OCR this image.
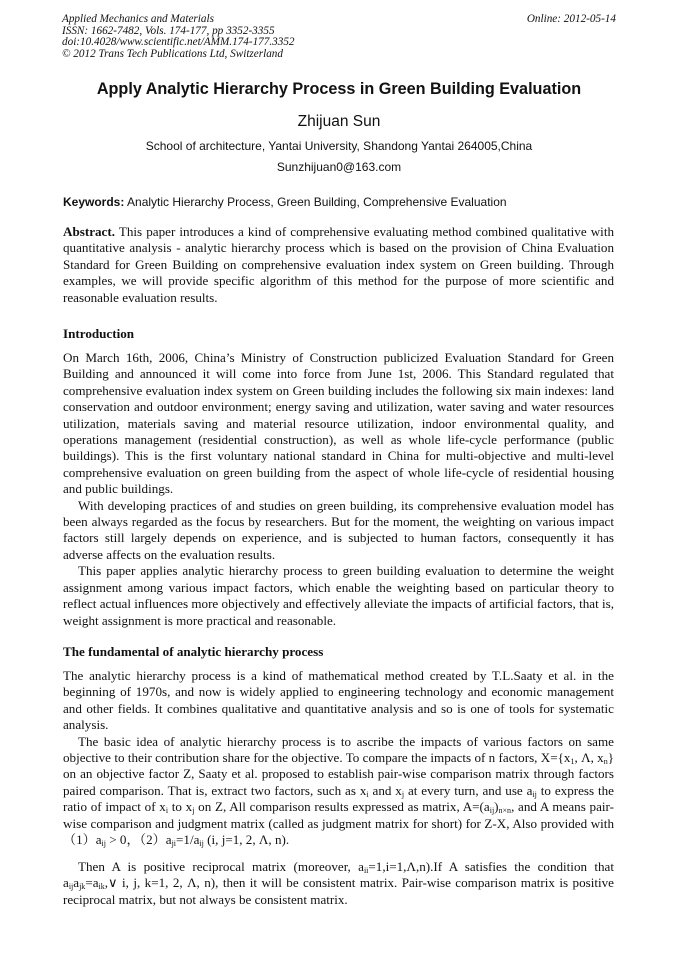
Applied Mechanics and Materials
ISSN: 1662-7482, Vols. 174-177, pp 3352-3355
doi:10.4028/www.scientific.net/AMM.174-177.3352
© 2012 Trans Tech Publications Ltd, Switzerland
Online: 2012-05-14
Apply Analytic Hierarchy Process in Green Building Evaluation
Zhijuan Sun
School of architecture, Yantai University, Shandong Yantai 264005,China
Sunzhijuan0@163.com
Keywords: Analytic Hierarchy Process, Green Building, Comprehensive Evaluation

Abstract. This paper introduces a kind of comprehensive evaluating method combined qualitative with quantitative analysis - analytic hierarchy process which is based on the provision of China Evaluation Standard for Green Building on comprehensive evaluation index system on Green building. Through examples, we will provide specific algorithm of this method for the purpose of more scientific and reasonable evaluation results.

Introduction

On March 16th, 2006, China’s Ministry of Construction publicized Evaluation Standard for Green Building and announced it will come into force from June 1st, 2006. This Standard regulated that comprehensive evaluation index system on Green building includes the following six main indexes: land conservation and outdoor environment; energy saving and utilization, water saving and water resources utilization, materials saving and material resource utilization, indoor environmental quality, and operations management (residential construction), as well as whole life-cycle performance (public buildings). This is the first voluntary national standard in China for multi-objective and multi-level comprehensive evaluation on green building from the aspect of whole life-cycle of residential housing and public buildings.

With developing practices of and studies on green building, its comprehensive evaluation model has been always regarded as the focus by researchers. But for the moment, the weighting on various impact factors still largely depends on experience, and is subjected to human factors, consequently it has adverse affects on the evaluation results.

This paper applies analytic hierarchy process to green building evaluation to determine the weight assignment among various impact factors, which enable the weighting based on particular theory to reflect actual influences more objectively and effectively alleviate the impacts of artificial factors, that is, weight assignment is more practical and reasonable.

The fundamental of analytic hierarchy process

The analytic hierarchy process is a kind of mathematical method created by T.L.Saaty et al. in the beginning of 1970s, and now is widely applied to engineering technology and economic management and other fields. It combines qualitative and quantitative analysis and so is one of tools for systematic analysis.

The basic idea of analytic hierarchy process is to ascribe the impacts of various factors on same objective to their contribution share for the objective. To compare the impacts of n factors, $X=\{x_1$, Λ, $x_n$} on an objective factor Z, Saaty et al. proposed to establish pair-wise comparison matrix through factors paired comparison. That is, extract two factors, such as $x_i$ and $x_j$ at every turn, and use $a_{ij}$ to express the ratio of impact of $x_i$ to $x_j$ on Z, All comparison results expressed as matrix, $A=(a_{ij})_{n\times n}$, and A means pair-wise comparison and judgment matrix (called as judgment matrix for short) for Z-X, Also provided with $(1)a_{ij} > 0$，$(2)a_{ji}=1/a_{ij}$ (i, j=1, 2, Λ, n).

Then A is positive reciprocal matrix (moreover, $a_{ii}=1,i=1,\Lambda,n).If$ A satisfies the condition that $a_{ij}a_{jk}=a_{ik},\vee$ i, j, k=1, 2, Λ, n), then it will be consistent matrix. Pair-wise comparison matrix is positive reciprocal matrix, but not always be consistent matrix.
